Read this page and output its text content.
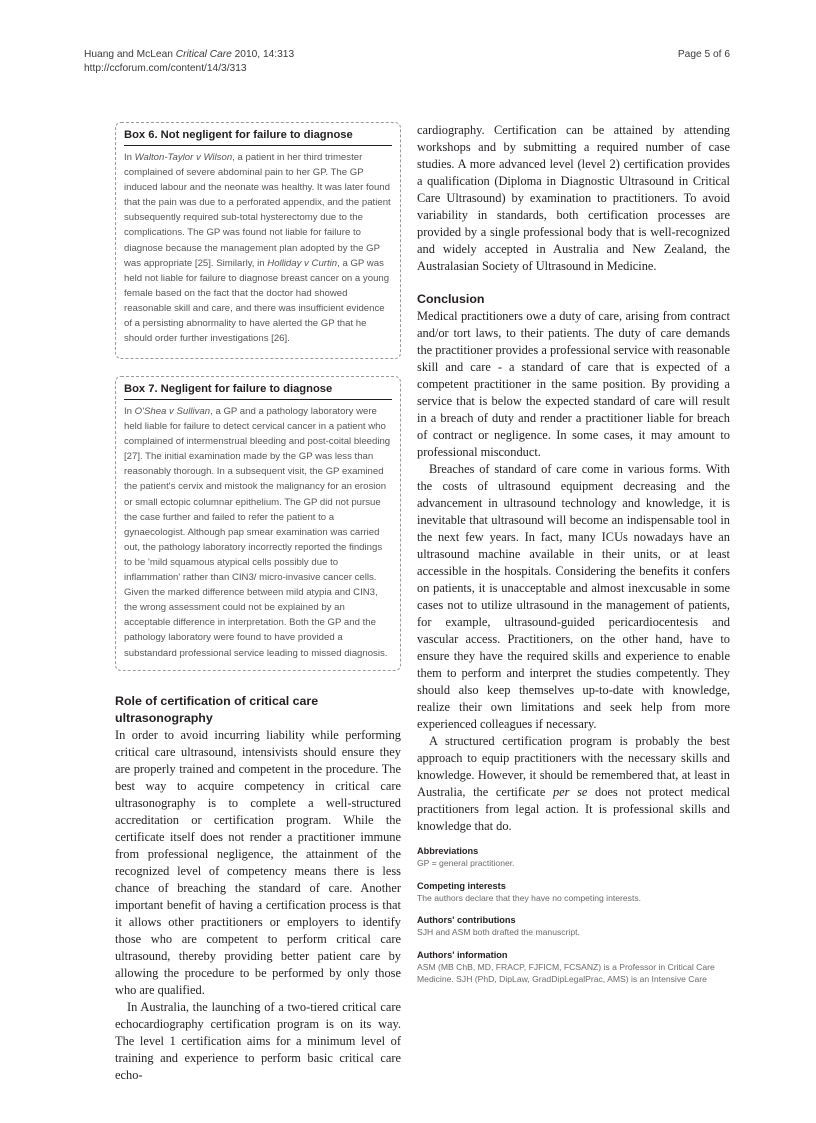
Huang and McLean Critical Care 2010, 14:313
http://ccforum.com/content/14/3/313
Page 5 of 6
Box 6. Not negligent for failure to diagnose
In Walton-Taylor v Wilson, a patient in her third trimester complained of severe abdominal pain to her GP. The GP induced labour and the neonate was healthy. It was later found that the pain was due to a perforated appendix, and the patient subsequently required sub-total hysterectomy due to the complications. The GP was found not liable for failure to diagnose because the management plan adopted by the GP was appropriate [25]. Similarly, in Holliday v Curtin, a GP was held not liable for failure to diagnose breast cancer on a young female based on the fact that the doctor had showed reasonable skill and care, and there was insufficient evidence of a persisting abnormality to have alerted the GP that he should order further investigations [26].
Box 7. Negligent for failure to diagnose
In O'Shea v Sullivan, a GP and a pathology laboratory were held liable for failure to detect cervical cancer in a patient who complained of intermenstrual bleeding and post-coital bleeding [27]. The initial examination made by the GP was less than reasonably thorough. In a subsequent visit, the GP examined the patient's cervix and mistook the malignancy for an erosion or small ectopic columnar epithelium. The GP did not pursue the case further and failed to refer the patient to a gynaecologist. Although pap smear examination was carried out, the pathology laboratory incorrectly reported the findings to be 'mild squamous atypical cells possibly due to inflammation' rather than CIN3/ micro-invasive cancer cells. Given the marked difference between mild atypia and CIN3, the wrong assessment could not be explained by an acceptable difference in interpretation. Both the GP and the pathology laboratory were found to have provided a substandard professional service leading to missed diagnosis.
Role of certification of critical care ultrasonography

In order to avoid incurring liability while performing critical care ultrasound, intensivists should ensure they are properly trained and competent in the procedure. The best way to acquire competency in critical care ultrasonography is to complete a well-structured accreditation or certification program. While the certificate itself does not render a practitioner immune from professional negligence, the attainment of the recognized level of competency means there is less chance of breaching the standard of care. Another important benefit of having a certification process is that it allows other practitioners or employers to identify those who are competent to perform critical care ultrasound, thereby providing better patient care by allowing the procedure to be performed by only those who are qualified.

In Australia, the launching of a two-tiered critical care echocardiography certification program is on its way. The level 1 certification aims for a minimum level of training and experience to perform basic critical care echo-

cardiography. Certification can be attained by attending workshops and by submitting a required number of case studies. A more advanced level (level 2) certification provides a qualification (Diploma in Diagnostic Ultrasound in Critical Care Ultrasound) by examination to practitioners. To avoid variability in standards, both certification processes are provided by a single professional body that is well-recognized and widely accepted in Australia and New Zealand, the Australasian Society of Ultrasound in Medicine.

Conclusion

Medical practitioners owe a duty of care, arising from contract and/or tort laws, to their patients. The duty of care demands the practitioner provides a professional service with reasonable skill and care - a standard of care that is expected of a competent practitioner in the same position. By providing a service that is below the expected standard of care will result in a breach of duty and render a practitioner liable for breach of contract or negligence. In some cases, it may amount to professional misconduct.

Breaches of standard of care come in various forms. With the costs of ultrasound equipment decreasing and the advancement in ultrasound technology and knowledge, it is inevitable that ultrasound will become an indispensable tool in the next few years. In fact, many ICUs nowadays have an ultrasound machine available in their units, or at least accessible in the hospitals. Considering the benefits it confers on patients, it is unacceptable and almost inexcusable in some cases not to utilize ultrasound in the management of patients, for example, ultrasound-guided pericardiocentesis and vascular access. Practitioners, on the other hand, have to ensure they have the required skills and experience to enable them to perform and interpret the studies competently. They should also keep themselves up-to-date with knowledge, realize their own limitations and seek help from more experienced colleagues if necessary.

A structured certification program is probably the best approach to equip practitioners with the necessary skills and knowledge. However, it should be remembered that, at least in Australia, the certificate per se does not protect medical practitioners from legal action. It is professional skills and knowledge that do.

Abbreviations
GP = general practitioner.
Competing interests
The authors declare that they have no competing interests.
Authors' contributions
SJH and ASM both drafted the manuscript.
Authors' information
ASM (MB ChB, MD, FRACP, FJFICM, FCSANZ) is a Professor in Critical Care Medicine. SJH (PhD, DipLaw, GradDipLegalPrac, AMS) is an Intensive Care
